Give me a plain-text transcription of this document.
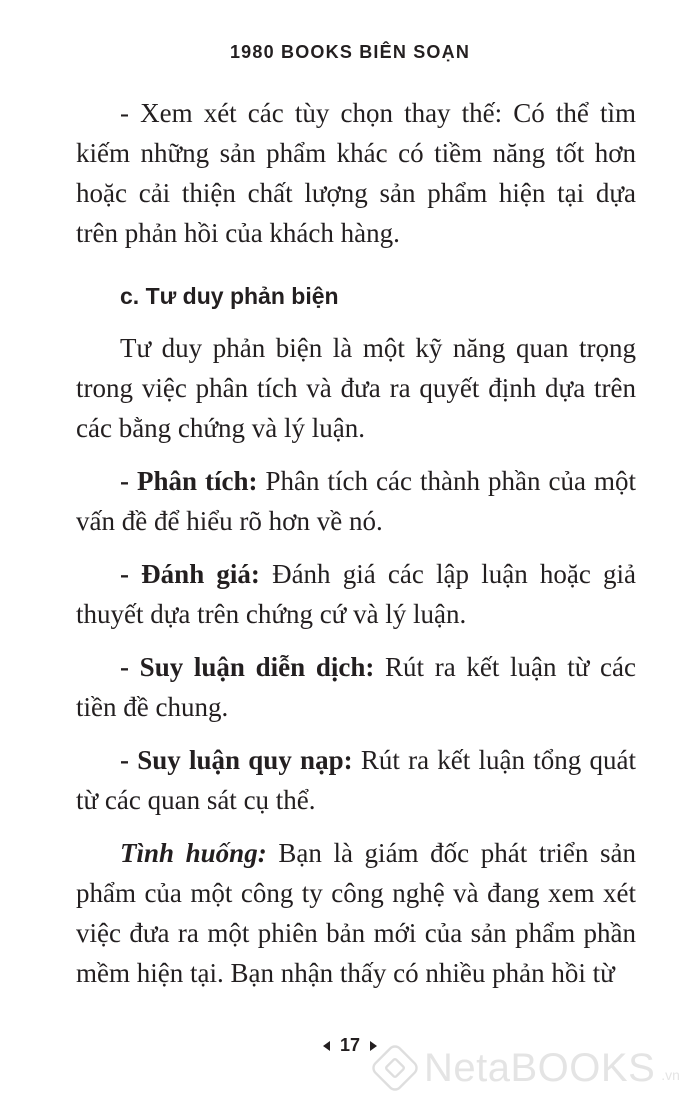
1980 BOOKS BIÊN SOẠN

- Xem xét các tùy chọn thay thế: Có thể tìm kiếm những sản phẩm khác có tiềm năng tốt hơn hoặc cải thiện chất lượng sản phẩm hiện tại dựa trên phản hồi của khách hàng.

c. Tư duy phản biện

Tư duy phản biện là một kỹ năng quan trọng trong việc phân tích và đưa ra quyết định dựa trên các bằng chứng và lý luận.

- Phân tích: Phân tích các thành phần của một vấn đề để hiểu rõ hơn về nó.

- Đánh giá: Đánh giá các lập luận hoặc giả thuyết dựa trên chứng cứ và lý luận.

- Suy luận diễn dịch: Rút ra kết luận từ các tiền đề chung.

- Suy luận quy nạp: Rút ra kết luận tổng quát từ các quan sát cụ thể.

Tình huống: Bạn là giám đốc phát triển sản phẩm của một công ty công nghệ và đang xem xét việc đưa ra một phiên bản mới của sản phẩm phần mềm hiện tại. Bạn nhận thấy có nhiều phản hồi từ

17
NetaBOOKS .vn
